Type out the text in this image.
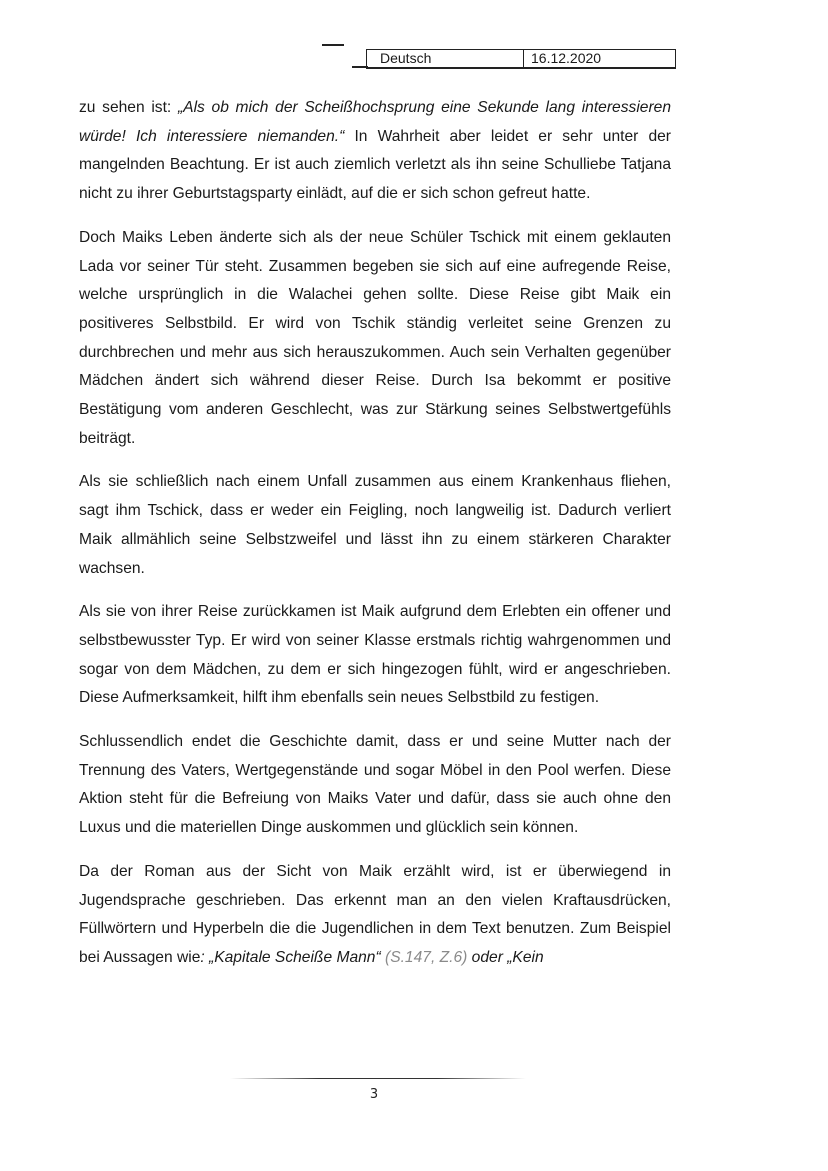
Deutsch	16.12.2020

zu sehen ist: „Als ob mich der Scheißhochsprung eine Sekunde lang interessieren würde! Ich interessiere niemanden.“ In Wahrheit aber leidet er sehr unter der mangelnden Beachtung. Er ist auch ziemlich verletzt als ihn seine Schulliebe Tatjana nicht zu ihrer Geburtstagsparty einlädt, auf die er sich schon gefreut hatte.

Doch Maiks Leben änderte sich als der neue Schüler Tschick mit einem geklauten Lada vor seiner Tür steht. Zusammen begeben sie sich auf eine aufregende Reise, welche ursprünglich in die Walachei gehen sollte. Diese Reise gibt Maik ein positiveres Selbstbild. Er wird von Tschik ständig verleitet seine Grenzen zu durchbrechen und mehr aus sich herauszukommen. Auch sein Verhalten gegenüber Mädchen ändert sich während dieser Reise. Durch Isa bekommt er positive Bestätigung vom anderen Geschlecht, was zur Stärkung seines Selbstwertgefühls beiträgt.

Als sie schließlich nach einem Unfall zusammen aus einem Krankenhaus fliehen, sagt ihm Tschick, dass er weder ein Feigling, noch langweilig ist. Dadurch verliert Maik allmählich seine Selbstzweifel und lässt ihn zu einem stärkeren Charakter wachsen.

Als sie von ihrer Reise zurückkamen ist Maik aufgrund dem Erlebten ein offener und selbstbewusster Typ. Er wird von seiner Klasse erstmals richtig wahrgenommen und sogar von dem Mädchen, zu dem er sich hingezogen fühlt, wird er angeschrieben. Diese Aufmerksamkeit, hilft ihm ebenfalls sein neues Selbstbild zu festigen.

Schlussendlich endet die Geschichte damit, dass er und seine Mutter nach der Trennung des Vaters, Wertgegenstände und sogar Möbel in den Pool werfen. Diese Aktion steht für die Befreiung von Maiks Vater und dafür, dass sie auch ohne den Luxus und die materiellen Dinge auskommen und glücklich sein können.

Da der Roman aus der Sicht von Maik erzählt wird, ist er überwiegend in Jugendsprache geschrieben. Das erkennt man an den vielen Kraftausdrücken, Füllwörtern und Hyperbeln die die Jugendlichen in dem Text benutzen. Zum Beispiel bei Aussagen wie: „Kapitale Scheiße Mann“ (S.147, Z.6) oder „Kein

3
